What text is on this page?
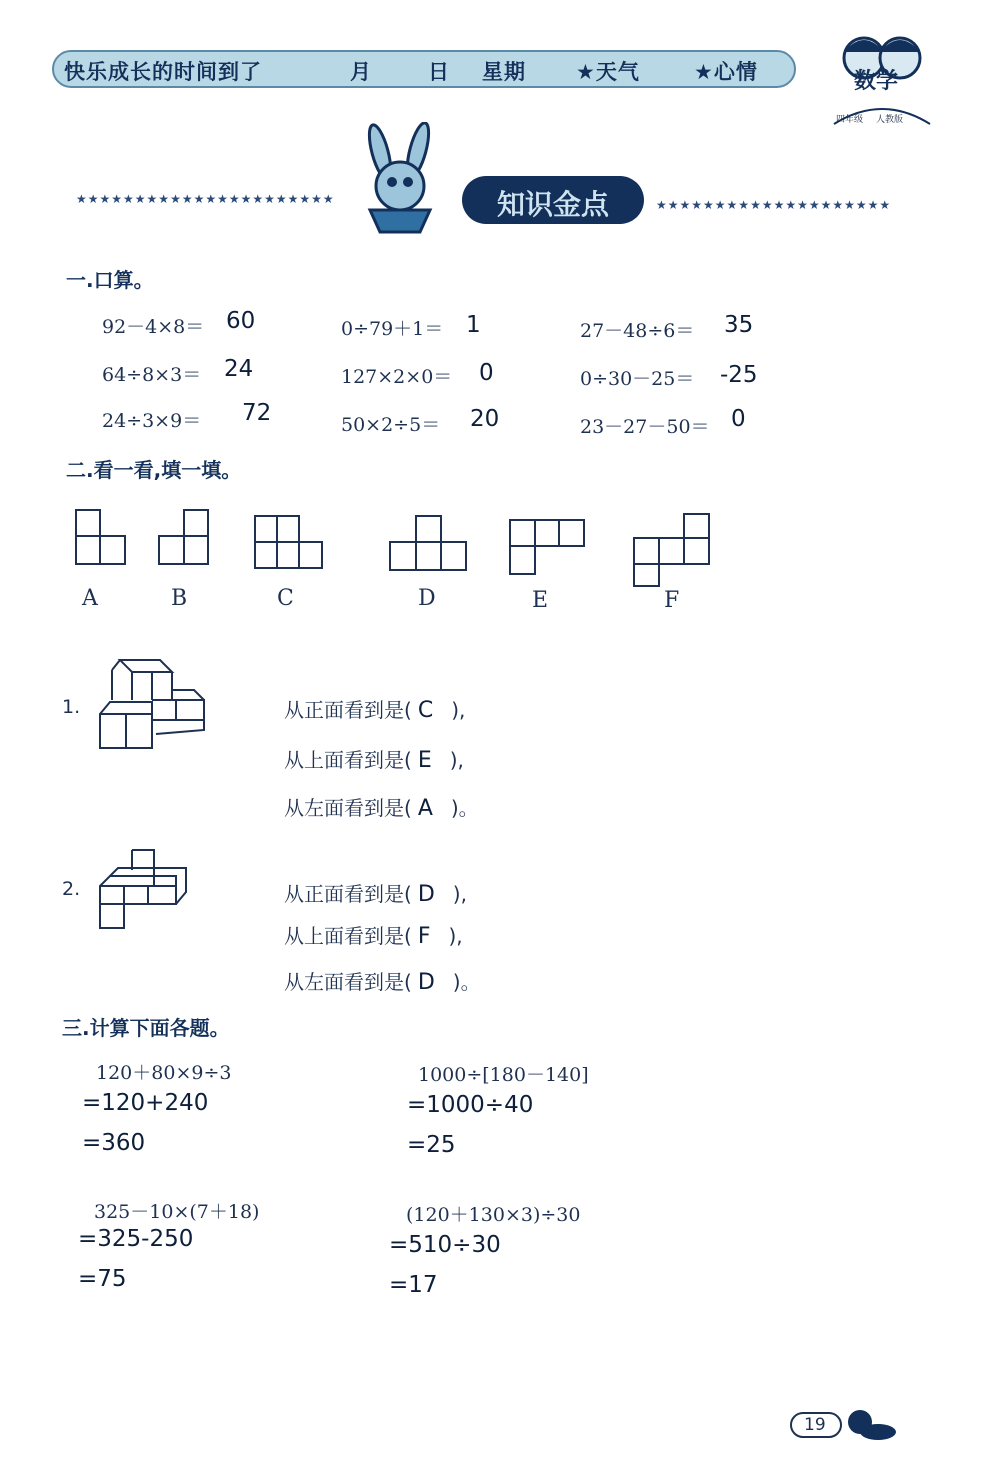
快乐成长的时间到了	月	日 星期 ★天气	★心情	数学
四年级 人教版
★★★★★★★★★★★★★★★★★★★★★★	★★★★★★★★★★★★★★★★★★★★
知识金点
一.口算。
92－4×8＝ 60	0÷79＋1＝ 1	27－48÷6＝ 35
64÷8×3＝ 24	127×2×0＝ 0	0÷30－25＝ -25
24÷3×9＝ 72	50×2÷5＝ 20	23－27－50＝ 0
二.看一看,填一填。
A	B	C	D	E	F
1.	从正面看到是( C ),
从上面看到是( E ),
从左面看到是( A )。
2.	从正面看到是( D ),
从上面看到是( F ),
从左面看到是( D )。
三.计算下面各题。
120＋80×9÷3
=120+240
=360
1000÷[180－140]
=1000÷40
=25
325－10×(7＋18)
=325-250
=75
(120＋130×3)÷30
=510÷30
=17
19
